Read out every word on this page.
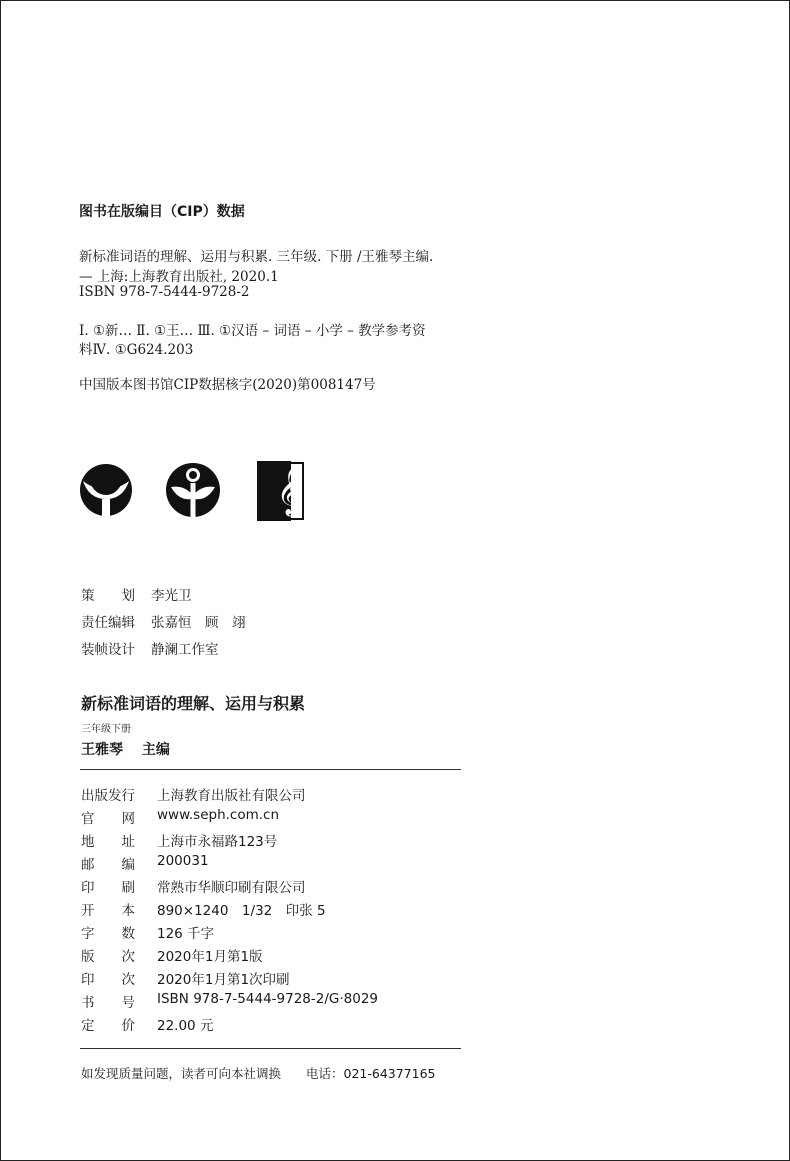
图书在版编目（CIP）数据
新标准词语的理解、运用与积累. 三年级. 下册 /王雅琴主编.
— 上海:上海教育出版社, 2020.1
ISBN 978-7-5444-9728-2
Ⅰ. ①新… Ⅱ. ①王… Ⅲ. ①汉语 – 词语 – 小学 – 教学参考资
料Ⅳ. ①G624.203
中国版本图书馆CIP数据核字(2020)第008147号
𝄞
策　　划	李光卫
责任编辑	张嘉恒　顾　翊
装帧设计	静澜工作室
新标准词语的理解、运用与积累
三年级下册
王雅琴　 主编
出版发行	上海教育出版社有限公司
官　　网	www.seph.com.cn
地　　址	上海市永福路123号
邮　　编	200031
印　　刷	常熟市华顺印刷有限公司
开　　本	890×1240　1/32　印张 5
字　　数	126 千字
版　　次	2020年1月第1版
印　　次	2020年1月第1次印刷
书　　号	ISBN 978-7-5444-9728-2/G·8029
定　　价	22.00 元
如发现质量问题，读者可向本社调换　　电话：021-64377165
